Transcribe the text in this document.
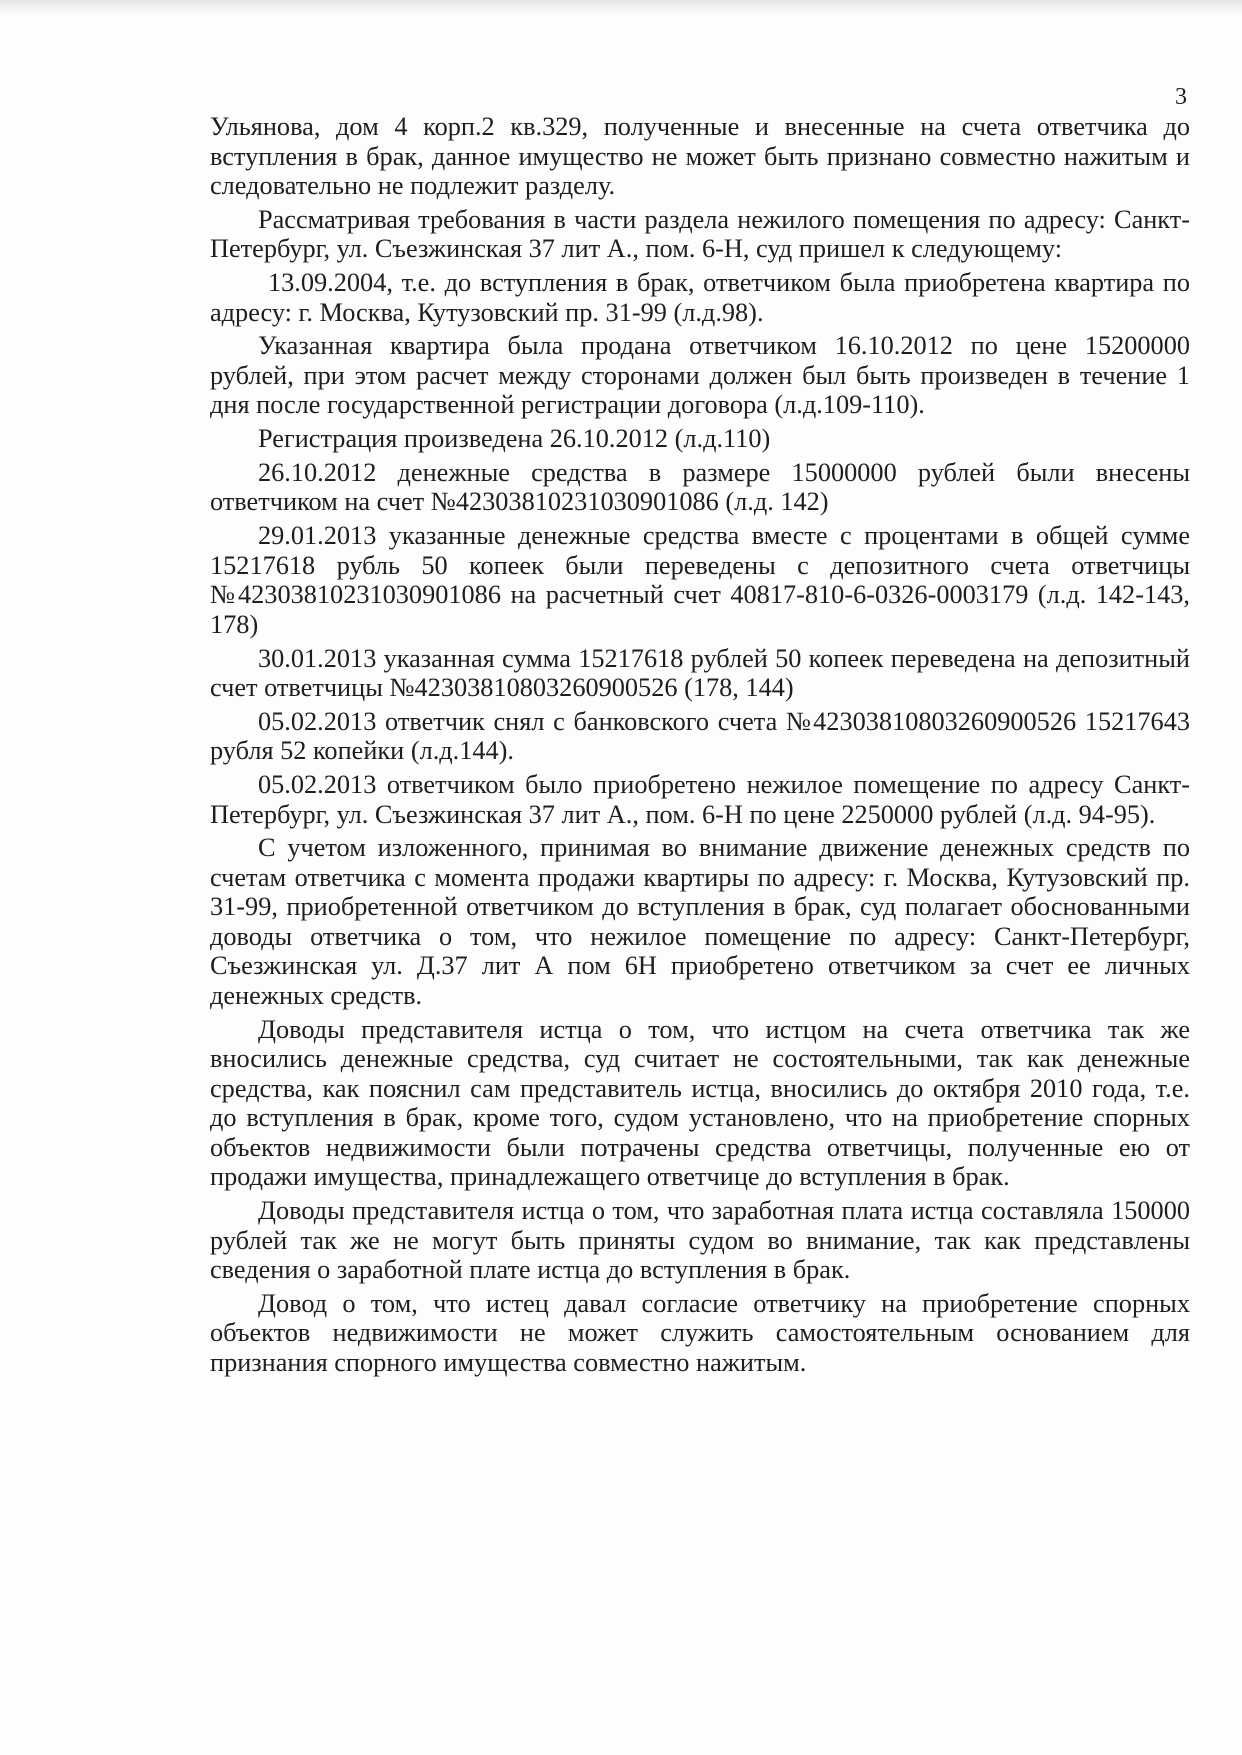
3

Ульянова, дом 4 корп.2 кв.329, полученные и внесенные на счета ответчика до вступления в брак, данное имущество не может быть признано совместно нажитым и следовательно не подлежит разделу.

Рассматривая требования в части раздела нежилого помещения по адресу: Санкт-Петербург, ул. Съезжинская 37 лит А., пом. 6-Н, суд пришел к следующему:

13.09.2004, т.е. до вступления в брак, ответчиком была приобретена квартира по адресу: г. Москва, Кутузовский пр. 31-99 (л.д.98).

Указанная квартира была продана ответчиком 16.10.2012 по цене 15200000 рублей, при этом расчет между сторонами должен был быть произведен в течение 1 дня после государственной регистрации договора (л.д.109-110).

Регистрация произведена 26.10.2012 (л.д.110)

26.10.2012 денежные средства в размере 15000000 рублей были внесены ответчиком на счет №42303810231030901086 (л.д. 142)

29.01.2013 указанные денежные средства вместе с процентами в общей сумме 15217618 рубль 50 копеек были переведены с депозитного счета ответчицы №42303810231030901086 на расчетный счет 40817-810-6-0326-0003179 (л.д. 142-143, 178)

30.01.2013 указанная сумма 15217618 рублей 50 копеек переведена на депозитный счет ответчицы №42303810803260900526 (178, 144)

05.02.2013 ответчик снял с банковского счета №42303810803260900526 15217643 рубля 52 копейки (л.д.144).

05.02.2013 ответчиком было приобретено нежилое помещение по адресу Санкт-Петербург, ул. Съезжинская 37 лит А., пом. 6-Н по цене 2250000 рублей (л.д. 94-95).

С учетом изложенного, принимая во внимание движение денежных средств по счетам ответчика с момента продажи квартиры по адресу: г. Москва, Кутузовский пр. 31-99, приобретенной ответчиком до вступления в брак, суд полагает обоснованными доводы ответчика о том, что нежилое помещение по адресу: Санкт-Петербург, Съезжинская ул. Д.37 лит А пом 6Н приобретено ответчиком за счет ее личных денежных средств.

Доводы представителя истца о том, что истцом на счета ответчика так же вносились денежные средства, суд считает не состоятельными, так как денежные средства, как пояснил сам представитель истца, вносились до октября 2010 года, т.е. до вступления в брак, кроме того, судом установлено, что на приобретение спорных объектов недвижимости были потрачены средства ответчицы, полученные ею от продажи имущества, принадлежащего ответчице до вступления в брак.

Доводы представителя истца о том, что заработная плата истца составляла 150000 рублей так же не могут быть приняты судом во внимание, так как представлены сведения о заработной плате истца до вступления в брак.

Довод о том, что истец давал согласие ответчику на приобретение спорных объектов недвижимости не может служить самостоятельным основанием для признания спорного имущества совместно нажитым.
